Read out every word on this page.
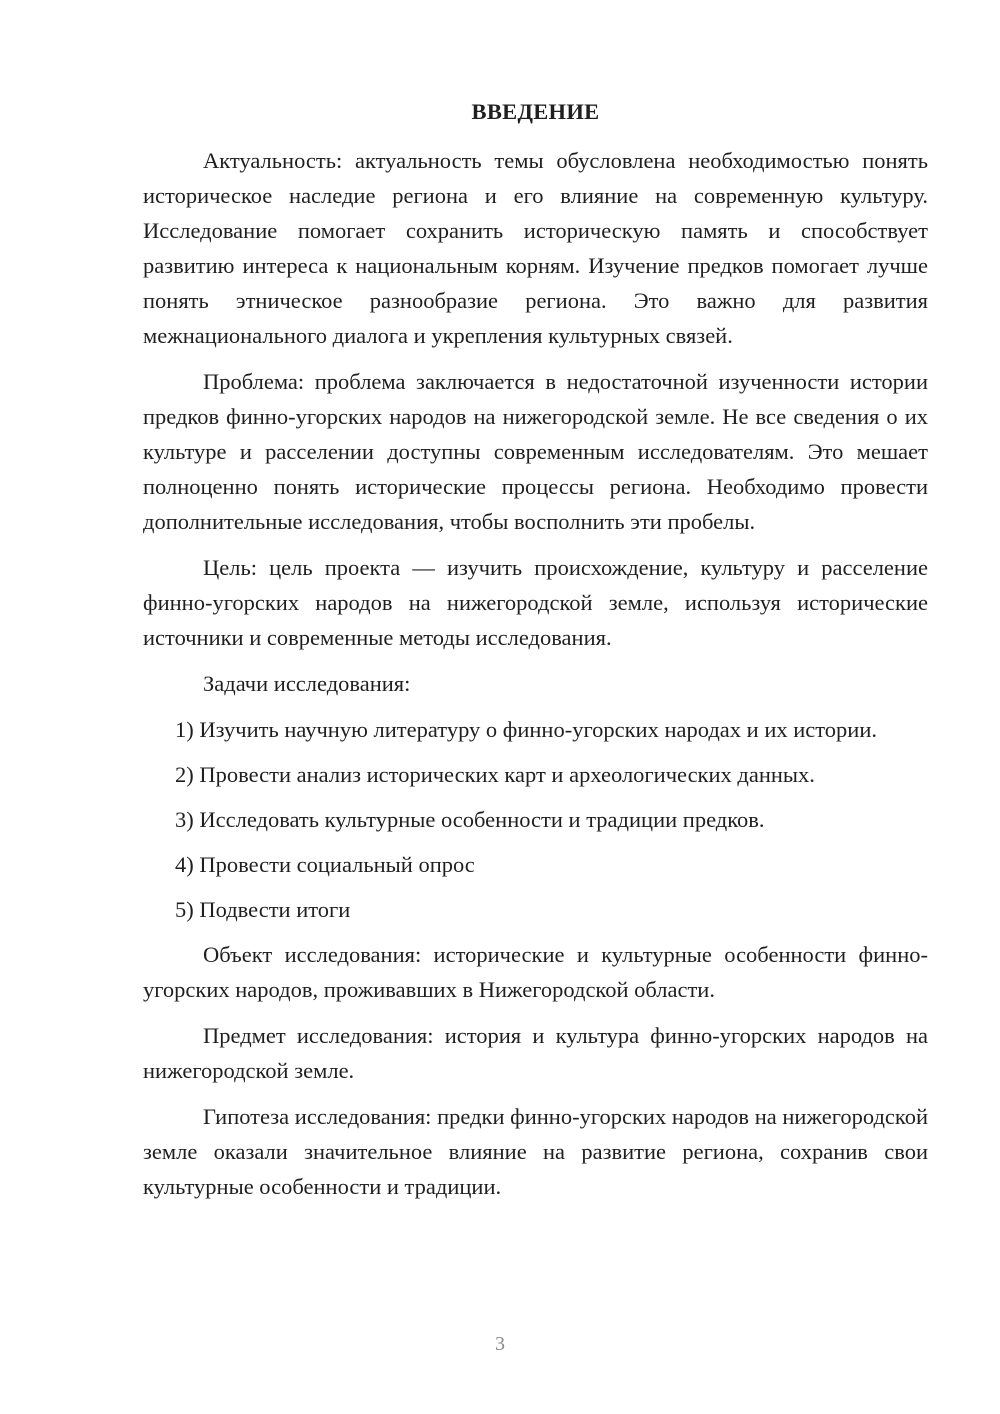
ВВЕДЕНИЕ
Актуальность: актуальность темы обусловлена необходимостью понять историческое наследие региона и его влияние на современную культуру. Исследование помогает сохранить историческую память и способствует развитию интереса к национальным корням. Изучение предков помогает лучше понять этническое разнообразие региона. Это важно для развития межнационального диалога и укрепления культурных связей.
Проблема: проблема заключается в недостаточной изученности истории предков финно-угорских народов на нижегородской земле. Не все сведения о их культуре и расселении доступны современным исследователям. Это мешает полноценно понять исторические процессы региона. Необходимо провести дополнительные исследования, чтобы восполнить эти пробелы.
Цель: цель проекта — изучить происхождение, культуру и расселение финно-угорских народов на нижегородской земле, используя исторические источники и современные методы исследования.
Задачи исследования:
1) Изучить научную литературу о финно-угорских народах и их истории.
2) Провести анализ исторических карт и археологических данных.
3) Исследовать культурные особенности и традиции предков.
4) Провести социальный опрос
5) Подвести итоги
Объект исследования: исторические и культурные особенности финно-угорских народов, проживавших в Нижегородской области.
Предмет исследования: история и культура финно-угорских народов на нижегородской земле.
Гипотеза исследования: предки финно-угорских народов на нижегородской земле оказали значительное влияние на развитие региона, сохранив свои культурные особенности и традиции.
3
